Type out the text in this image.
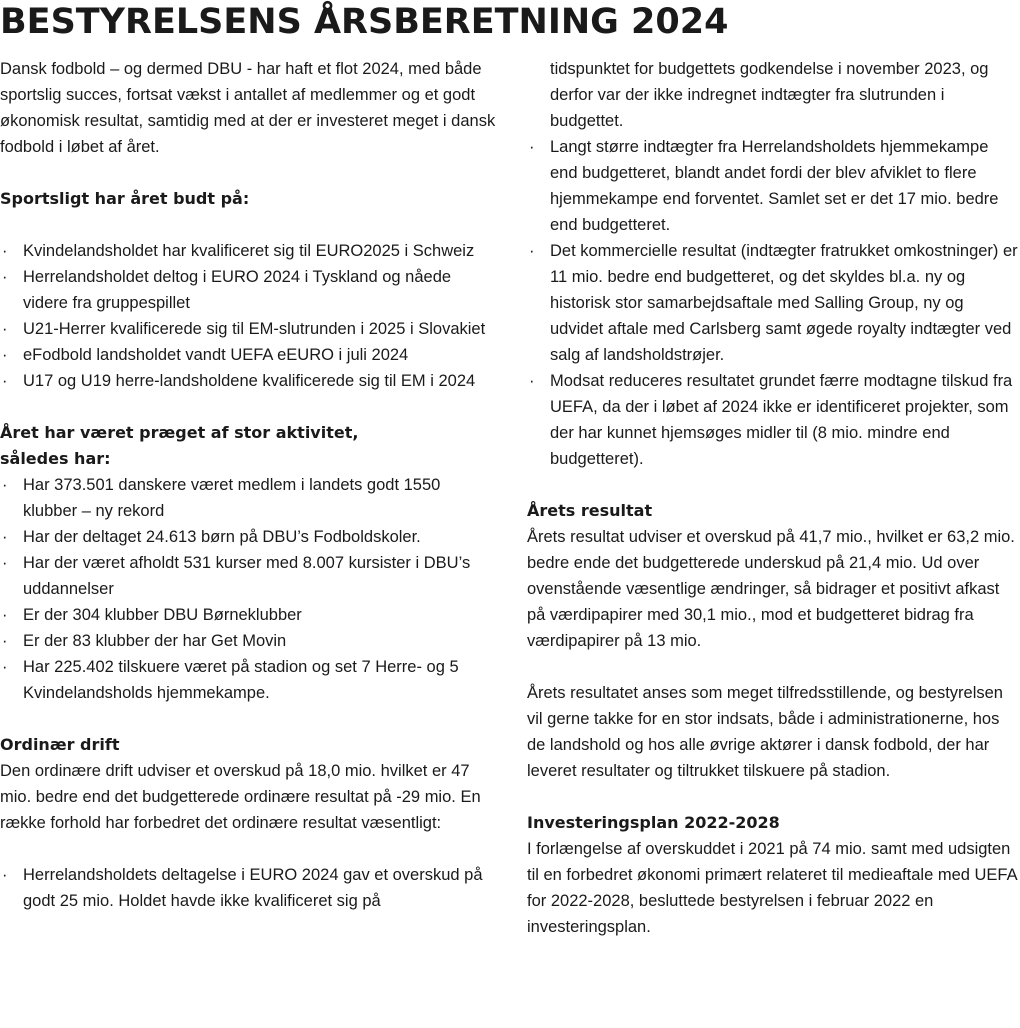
BESTYRELSENS ÅRSBERETNING 2024

Dansk fodbold – og dermed DBU - har haft et flot 2024, med både sportslig succes, fortsat vækst i antallet af medlemmer og et godt økonomisk resultat, samtidig med at der er investeret meget i dansk fodbold i løbet af året.

Sportsligt har året budt på:
· Kvindelandsholdet har kvalificeret sig til EURO2025 i Schweiz
· Herrelandsholdet deltog i EURO 2024 i Tyskland og nåede videre fra gruppespillet
· U21-Herrer kvalificerede sig til EM-slutrunden i 2025 i Slovakiet
· eFodbold landsholdet vandt UEFA eEURO i juli 2024
· U17 og U19 herre-landsholdene kvalificerede sig til EM i 2024
Året har været præget af stor aktivitet,
således har:
· Har 373.501 danskere været medlem i landets godt 1550 klubber – ny rekord
· Har der deltaget 24.613 børn på DBU’s Fodboldskoler.
· Har der været afholdt 531 kurser med 8.007 kursister i DBU’s uddannelser
· Er der 304 klubber DBU Børneklubber
· Er der 83 klubber der har Get Movin
· Har 225.402 tilskuere været på stadion og set 7 Herre- og 5 Kvindelandsholds hjemmekampe.
Ordinær drift

Den ordinære drift udviser et overskud på 18,0 mio. hvilket er 47 mio. bedre end det budgetterede ordinære resultat på -29 mio. En række forhold har forbedret det ordinære resultat væsentligt:

· Herrelandsholdets deltagelse i EURO 2024 gav et overskud på godt 25 mio. Holdet havde ikke kvalificeret sig på
tidspunktet for budgettets godkendelse i november 2023, og derfor var der ikke indregnet indtægter fra slutrunden i budgettet.
· Langt større indtægter fra Herrelandsholdets hjemmekampe end budgetteret, blandt andet fordi der blev afviklet to flere hjemmekampe end forventet. Samlet set er det 17 mio. bedre end budgetteret.
· Det kommercielle resultat (indtægter fratrukket omkostninger) er 11 mio. bedre end budgetteret, og det skyldes bl.a. ny og historisk stor samarbejdsaftale med Salling Group, ny og udvidet aftale med Carlsberg samt øgede royalty indtægter ved salg af landsholdstrøjer.
· Modsat reduceres resultatet grundet færre modtagne tilskud fra UEFA, da der i løbet af 2024 ikke er identificeret projekter, som der har kunnet hjemsøges midler til (8 mio. mindre end budgetteret).
Årets resultat

Årets resultat udviser et overskud på 41,7 mio., hvilket er 63,2 mio. bedre ende det budgetterede underskud på 21,4 mio. Ud over ovenstående væsentlige ændringer, så bidrager et positivt afkast på værdipapirer med 30,1 mio., mod et budgetteret bidrag fra værdipapirer på 13 mio.

Årets resultatet anses som meget tilfredsstillende, og bestyrelsen vil gerne takke for en stor indsats, både i administrationerne, hos de landshold og hos alle øvrige aktører i dansk fodbold, der har leveret resultater og tiltrukket tilskuere på stadion.

Investeringsplan 2022-2028

I forlængelse af overskuddet i 2021 på 74 mio. samt med udsigten til en forbedret økonomi primært relateret til medieaftale med UEFA for 2022-2028, besluttede bestyrelsen i februar 2022 en investeringsplan.
